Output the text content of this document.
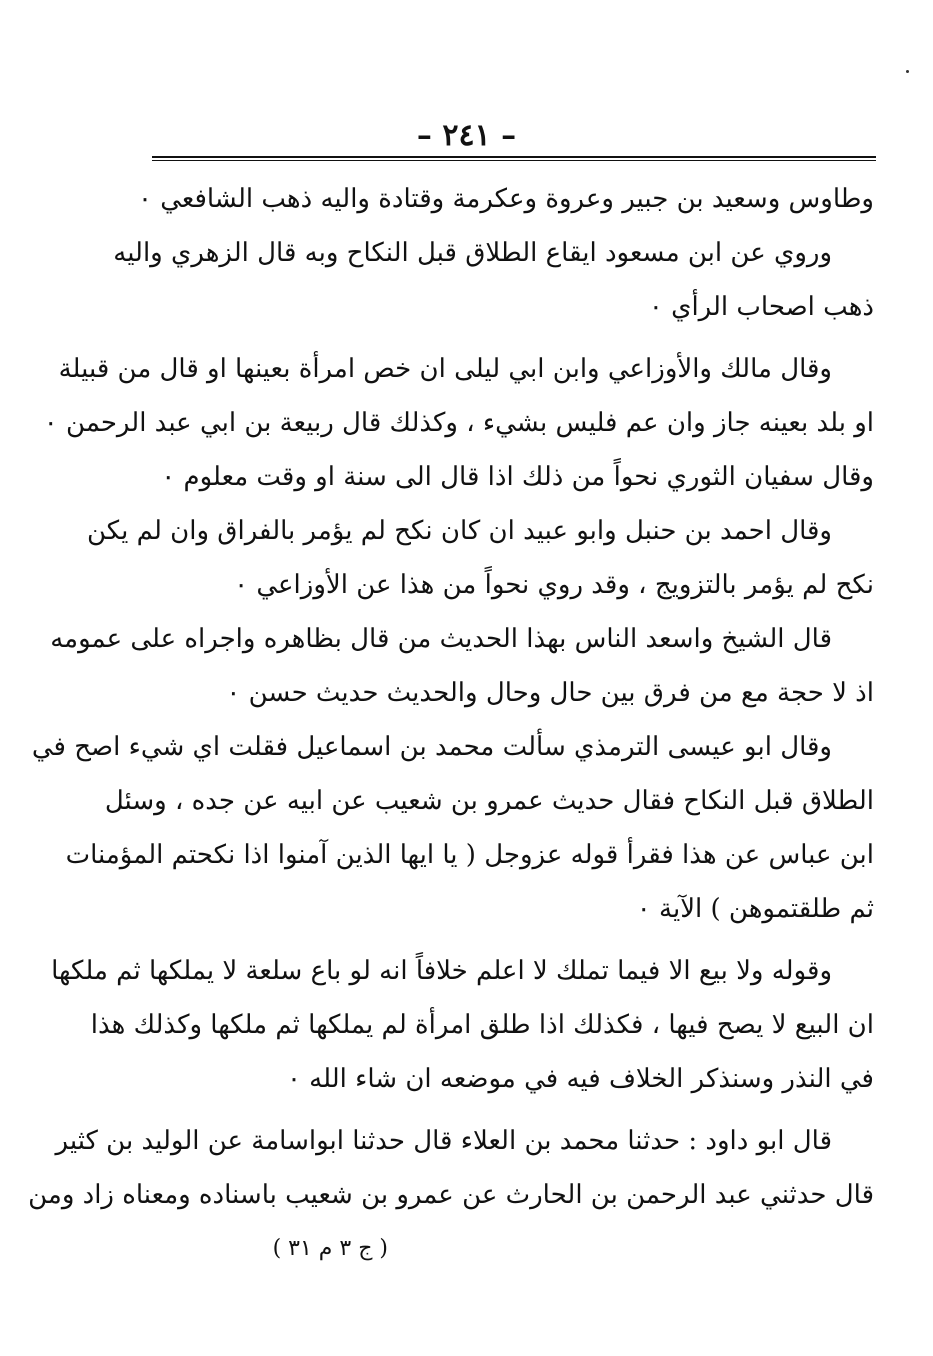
– ٢٤١ –
وطاوس وسعيد بن جبير وعروة وعكرمة وقتادة واليه ذهب الشافعي ٠
وروي عن ابن مسعود ايقاع الطلاق قبل النكاح وبه قال الزهري واليه
ذهب اصحاب الرأي ٠
وقال مالك والأوزاعي وابن ابي ليلى ان خص امرأة بعينها او قال من قبيلة
او بلد بعينه جاز وان عم فليس بشيء ، وكذلك قال ربيعة بن ابي عبد الرحمن ٠
وقال سفيان الثوري نحواً من ذلك اذا قال الى سنة او وقت معلوم ٠
وقال احمد بن حنبل وابو عبيد ان كان نكح لم يؤمر بالفراق وان لم يكن
نكح لم يؤمر بالتزويج ، وقد روي نحواً من هذا عن الأوزاعي ٠
قال الشيخ واسعد الناس بهذا الحديث من قال بظاهره واجراه على عمومه
اذ لا حجة مع من فرق بين حال وحال والحديث حديث حسن ٠
وقال ابو عيسى الترمذي سألت محمد بن اسماعيل فقلت اي شيء اصح في
الطلاق قبل النكاح فقال حديث عمرو بن شعيب عن ابيه عن جده ، وسئل
ابن عباس عن هذا فقرأ قوله عزوجل ( يا ايها الذين آمنوا اذا نكحتم المؤمنات
ثم طلقتموهن ) الآية ٠
وقوله ولا بيع الا فيما تملك لا اعلم خلافاً انه لو باع سلعة لا يملكها ثم ملكها
ان البيع لا يصح فيها ، فكذلك اذا طلق امرأة لم يملكها ثم ملكها وكذلك هذا
في النذر وسنذكر الخلاف فيه في موضعه ان شاء الله ٠
قال ابو داود : حدثنا محمد بن العلاء قال حدثنا ابواسامة عن الوليد بن كثير
قال حدثني عبد الرحمن بن الحارث عن عمرو بن شعيب باسناده ومعناه زاد ومن
( ج ٣ م ٣١ )
